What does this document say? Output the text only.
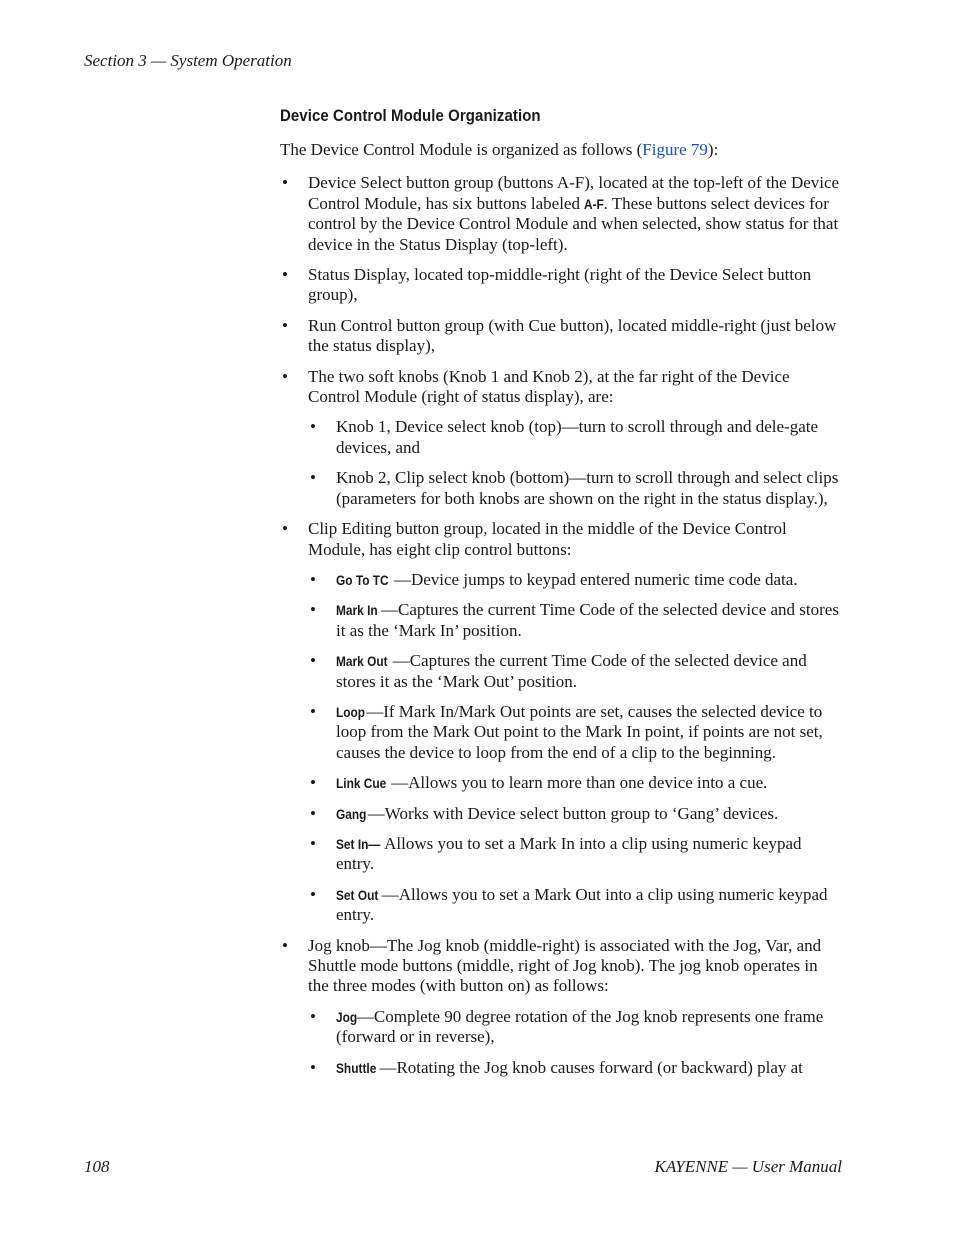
Section 3 — System Operation
Device Control Module Organization

The Device Control Module is organized as follows (Figure 79):

• Device Select button group (buttons A-F), located at the top-left of the Device Control Module, has six buttons labeled A-F. These buttons select devices for control by the Device Control Module and when selected, show status for that device in the Status Display (top-left).
• Status Display, located top-middle-right (right of the Device Select button group),
• Run Control button group (with Cue button), located middle-right (just below the status display),
• The two soft knobs (Knob 1 and Knob 2), at the far right of the Device Control Module (right of status display), are:
• Knob 1, Device select knob (top)—turn to scroll through and dele-gate devices, and
• Knob 2, Clip select knob (bottom)—turn to scroll through and select clips (parameters for both knobs are shown on the right in the status display.),
• Clip Editing button group, located in the middle of the Device Control Module, has eight clip control buttons:
• Go To TC —Device jumps to keypad entered numeric time code data.
• Mark In —Captures the current Time Code of the selected device and stores it as the ‘Mark In’ position.
• Mark Out —Captures the current Time Code of the selected device and stores it as the ‘Mark Out’ position.
• Loop—If Mark In/Mark Out points are set, causes the selected device to loop from the Mark Out point to the Mark In point, if points are not set, causes the device to loop from the end of a clip to the beginning.
• Link Cue —Allows you to learn more than one device into a cue.
• Gang—Works with Device select button group to ‘Gang’ devices.
• Set In— Allows you to set a Mark In into a clip using numeric keypad entry.
• Set Out —Allows you to set a Mark Out into a clip using numeric keypad entry.
• Jog knob—The Jog knob (middle-right) is associated with the Jog, Var, and Shuttle mode buttons (middle, right of Jog knob). The jog knob operates in the three modes (with button on) as follows:
• Jog—Complete 90 degree rotation of the Jog knob represents one frame (forward or in reverse),
• Shuttle —Rotating the Jog knob causes forward (or backward) play at
108	KAYENNE — User Manual
